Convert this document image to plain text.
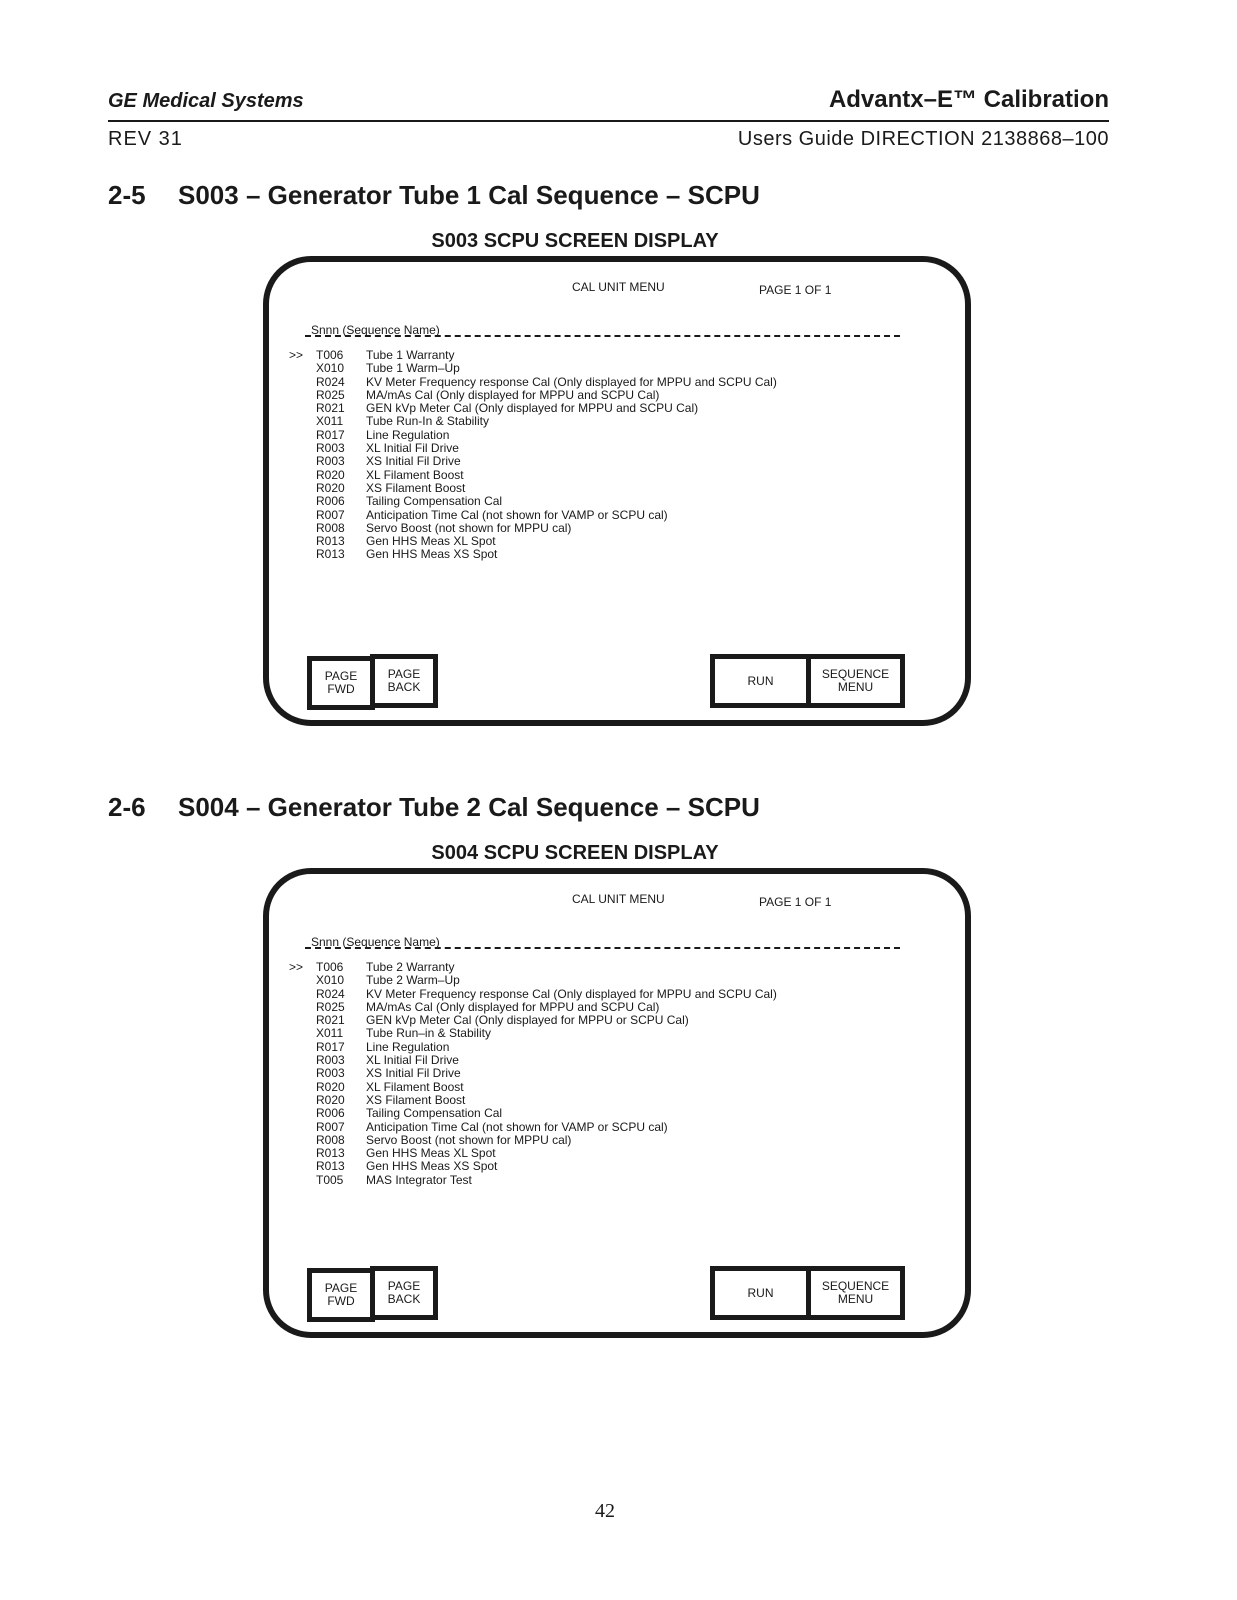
GE Medical Systems	Advantx–E™ Calibration
REV 31	Users Guide DIRECTION 2138868–100
2-5 S003 – Generator Tube 1 Cal Sequence – SCPU
S003 SCPU SCREEN DISPLAY
CAL UNIT MENU	PAGE 1 OF 1
Snnn (Sequence Name)
>>	T006	Tube 1 Warranty
X010	Tube 1 Warm–Up
R024	KV Meter Frequency response Cal (Only displayed for MPPU and SCPU Cal)
R025	MA/mAs Cal (Only displayed for MPPU and SCPU Cal)
R021	GEN kVp Meter Cal (Only displayed for MPPU and SCPU Cal)
X011	Tube Run-In & Stability
R017	Line Regulation
R003	XL Initial Fil Drive
R003	XS Initial Fil Drive
R020	XL Filament Boost
R020	XS Filament Boost
R006	Tailing Compensation Cal
R007	Anticipation Time Cal (not shown for VAMP or SCPU cal)
R008	Servo Boost (not shown for MPPU cal)
R013	Gen HHS Meas XL Spot
R013	Gen HHS Meas XS Spot
PAGE
FWD
PAGE
BACK	RUN	SEQUENCE
MENU
2-6 S004 – Generator Tube 2 Cal Sequence – SCPU
S004 SCPU SCREEN DISPLAY
CAL UNIT MENU	PAGE 1 OF 1
Snnn (Sequence Name)
>>	T006	Tube 2 Warranty
X010	Tube 2 Warm–Up
R024	KV Meter Frequency response Cal (Only displayed for MPPU and SCPU Cal)
R025	MA/mAs Cal (Only displayed for MPPU and SCPU Cal)
R021	GEN kVp Meter Cal (Only displayed for MPPU or SCPU Cal)
X011	Tube Run–in & Stability
R017	Line Regulation
R003	XL Initial Fil Drive
R003	XS Initial Fil Drive
R020	XL Filament Boost
R020	XS Filament Boost
R006	Tailing Compensation Cal
R007	Anticipation Time Cal (not shown for VAMP or SCPU cal)
R008	Servo Boost (not shown for MPPU cal)
R013	Gen HHS Meas XL Spot
R013	Gen HHS Meas XS Spot
T005	MAS Integrator Test
PAGE
FWD
PAGE
BACK	RUN	SEQUENCE
MENU
42
